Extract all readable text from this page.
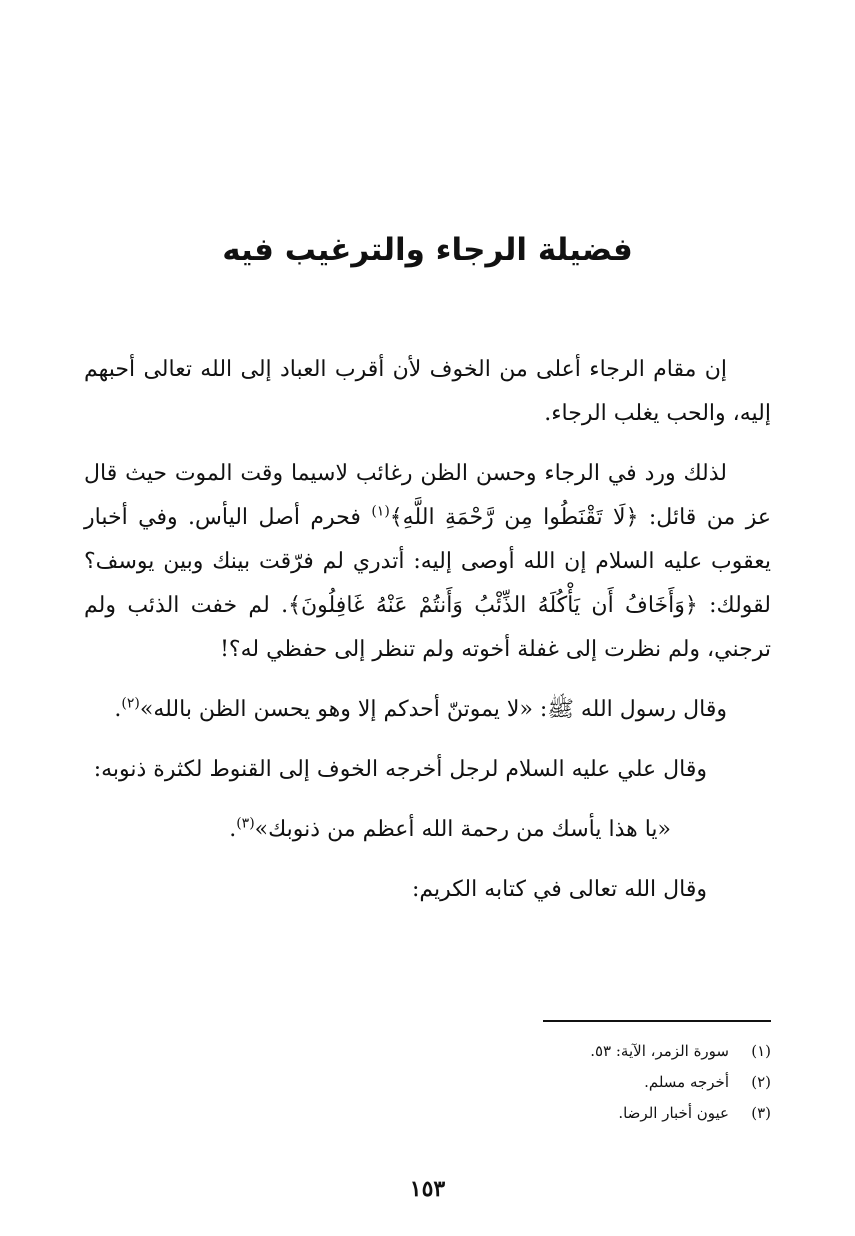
فضيلة الرجاء والترغيب فيه

إن مقام الرجاء أعلى من الخوف لأن أقرب العباد إلى الله تعالى أحبهم إليه، والحب يغلب الرجاء.

لذلك ورد في الرجاء وحسن الظن رغائب لاسيما وقت الموت حيث قال عز من قائل: ﴿لَا تَقْنَطُوا مِن رَّحْمَةِ اللَّهِ﴾$^{(١)}$ فحرم أصل اليأس. وفي أخبار يعقوب عليه السلام إن الله أوصى إليه: أتدري لم فرّقت بينك وبين يوسف؟ لقولك: ﴿وَأَخَافُ أَن يَأْكُلَهُ الذِّئْبُ وَأَنتُمْ عَنْهُ غَافِلُونَ﴾. لم خفت الذئب ولم ترجني، ولم نظرت إلى غفلة أخوته ولم تنظر إلى حفظي له؟!

وقال رسول الله ﷺ: «لا يموتنّ أحدكم إلا وهو يحسن الظن بالله»$^{(٢)}$.

وقال علي عليه السلام لرجل أخرجه الخوف إلى القنوط لكثرة ذنوبه:

«يا هذا يأسك من رحمة الله أعظم من ذنوبك»$^{(٣)}$.

وقال الله تعالى في كتابه الكريم:

(١)
سورة الزمر، الآية: ٥٣.
(٢)
أخرجه مسلم.
(٣)
عيون أخبار الرضا.
١٥٣
